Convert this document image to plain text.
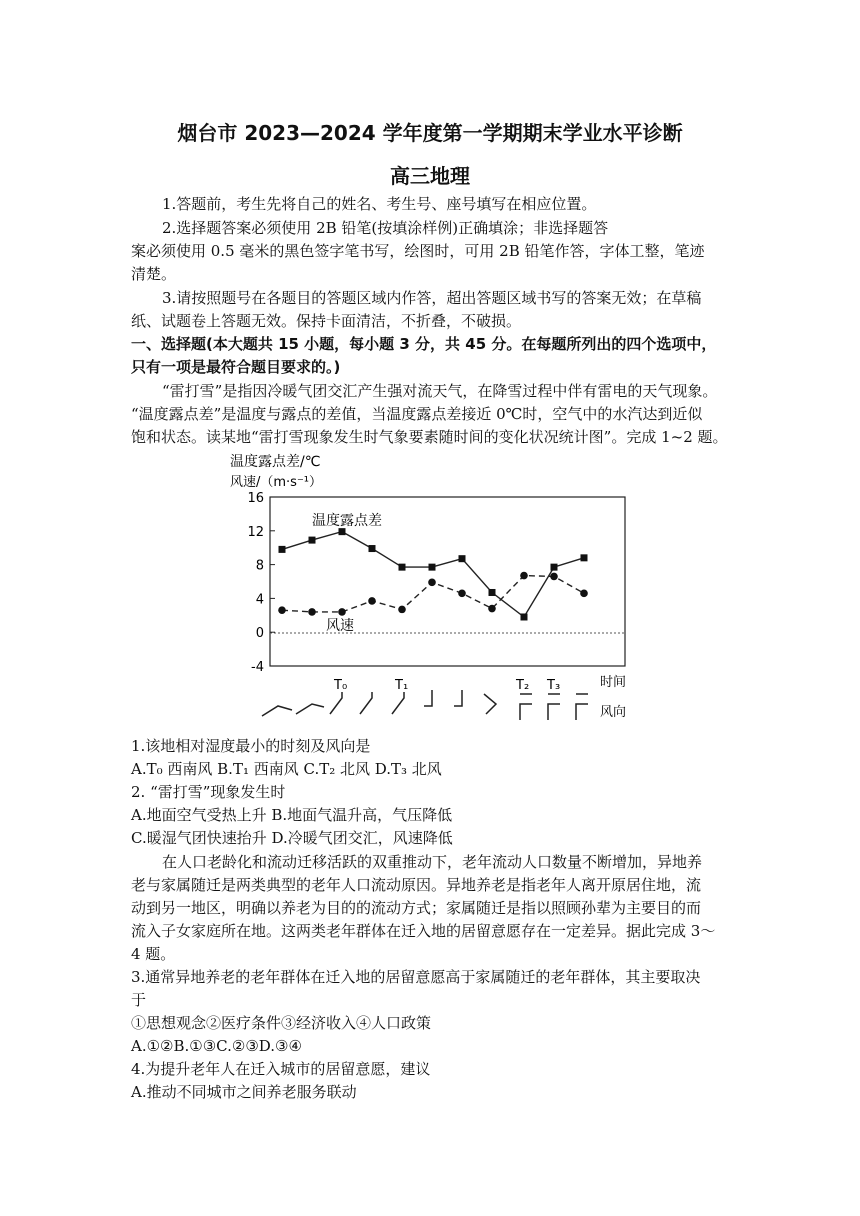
烟台市 2023—2024 学年度第一学期期末学业水平诊断
高三地理
1.答题前，考生先将自己的姓名、考生号、座号填写在相应位置。
2.选择题答案必须使用 2B 铅笔(按填涂样例)正确填涂；非选择题答
案必须使用 0.5 毫米的黑色签字笔书写，绘图时，可用 2B 铅笔作答，字体工整，笔迹
清楚。
3.请按照题号在各题目的答题区域内作答，超出答题区域书写的答案无效；在草稿
纸、试题卷上答题无效。保持卡面清洁，不折叠，不破损。
一、选择题(本大题共 15 小题，每小题 3 分，共 45 分。在每题所列出的四个选项中，
只有一项是最符合题目要求的。)
“雷打雪”是指因冷暖气团交汇产生强对流天气，在降雪过程中伴有雷电的天气现象。
“温度露点差”是温度与露点的差值，当温度露点差接近 0℃时，空气中的水汽达到近似
饱和状态。读某地“雷打雪现象发生时气象要素随时间的变化状况统计图”。完成 1~2 题。
温度露点差/℃
风速/（m·s⁻¹）
16
12
8
4
0
-4
温度露点差
风速
T₀	T₁	T₂ T₃	时间
风向
1.该地相对湿度最小的时刻及风向是
A.T₀ 西南风 B.T₁ 西南风 C.T₂ 北风 D.T₃ 北风
2. “雷打雪”现象发生时
A.地面空气受热上升 B.地面气温升高，气压降低
C.暖湿气团快速抬升 D.冷暖气团交汇，风速降低
在人口老龄化和流动迁移活跃的双重推动下，老年流动人口数量不断增加，异地养
老与家属随迁是两类典型的老年人口流动原因。异地养老是指老年人离开原居住地，流
动到另一地区，明确以养老为目的的流动方式；家属随迁是指以照顾孙辈为主要目的而
流入子女家庭所在地。这两类老年群体在迁入地的居留意愿存在一定差异。据此完成 3～
4 题。
3.通常异地养老的老年群体在迁入地的居留意愿高于家属随迁的老年群体，其主要取决
于
①思想观念②医疗条件③经济收入④人口政策
A.①②B.①③C.②③D.③④
4.为提升老年人在迁入城市的居留意愿，建议
A.推动不同城市之间养老服务联动
